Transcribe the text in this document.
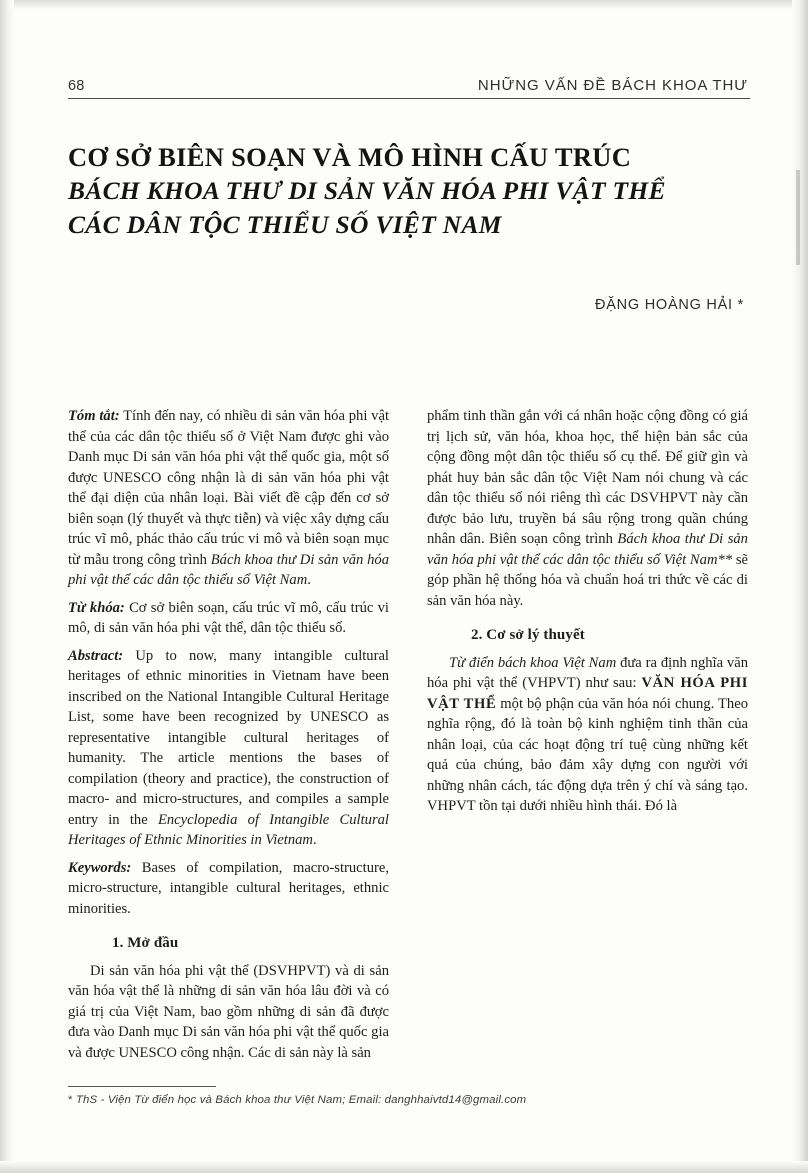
68	NHỮNG VẤN ĐỀ BÁCH KHOA THƯ
CƠ SỞ BIÊN SOẠN VÀ MÔ HÌNH CẤU TRÚC
BÁCH KHOA THƯ DI SẢN VĂN HÓA PHI VẬT THỂ
CÁC DÂN TỘC THIỂU SỐ VIỆT NAM
ĐẶNG HOÀNG HẢI *

Tóm tắt: Tính đến nay, có nhiều di sản văn hóa phi vật thể của các dân tộc thiểu số ở Việt Nam được ghi vào Danh mục Di sản văn hóa phi vật thể quốc gia, một số được UNESCO công nhận là di sản văn hóa phi vật thể đại diện của nhân loại. Bài viết đề cập đến cơ sở biên soạn (lý thuyết và thực tiễn) và việc xây dựng cấu trúc vĩ mô, phác thảo cấu trúc vi mô và biên soạn mục từ mẫu trong công trình Bách khoa thư Di sản văn hóa phi vật thể các dân tộc thiểu số Việt Nam.

Từ khóa: Cơ sở biên soạn, cấu trúc vĩ mô, cấu trúc vi mô, di sản văn hóa phi vật thể, dân tộc thiểu số.

Abstract: Up to now, many intangible cultural heritages of ethnic minorities in Vietnam have been inscribed on the National Intangible Cultural Heritage List, some have been recognized by UNESCO as representative intangible cultural heritages of humanity. The article mentions the bases of compilation (theory and practice), the construction of macro- and micro-structures, and compiles a sample entry in the Encyclopedia of Intangible Cultural Heritages of Ethnic Minorities in Vietnam.

Keywords: Bases of compilation, macro-structure, micro-structure, intangible cultural heritages, ethnic minorities.

1. Mở đầu

Di sản văn hóa phi vật thể (DSVHPVT) và di sản văn hóa vật thể là những di sản văn hóa lâu đời và có giá trị của Việt Nam, bao gồm những di sản đã được đưa vào Danh mục Di sản văn hóa phi vật thể quốc gia và được UNESCO công nhận. Các di sản này là sản

phẩm tinh thần gắn với cá nhân hoặc cộng đồng có giá trị lịch sử, văn hóa, khoa học, thể hiện bản sắc của cộng đồng một dân tộc thiểu số cụ thể. Để giữ gìn và phát huy bản sắc dân tộc Việt Nam nói chung và các dân tộc thiểu số nói riêng thì các DSVHPVT này cần được bảo lưu, truyền bá sâu rộng trong quần chúng nhân dân. Biên soạn công trình Bách khoa thư Di sản văn hóa phi vật thể các dân tộc thiểu số Việt Nam** sẽ góp phần hệ thống hóa và chuẩn hoá tri thức về các di sản văn hóa này.

2. Cơ sở lý thuyết

Từ điển bách khoa Việt Nam đưa ra định nghĩa văn hóa phi vật thể (VHPVT) như sau: VĂN HÓA PHI VẬT THỂ một bộ phận của văn hóa nói chung. Theo nghĩa rộng, đó là toàn bộ kinh nghiệm tinh thần của nhân loại, của các hoạt động trí tuệ cùng những kết quả của chúng, bảo đảm xây dựng con người với những nhân cách, tác động dựa trên ý chí và sáng tạo. VHPVT tồn tại dưới nhiều hình thái. Đó là

* ThS - Viện Từ điển học và Bách khoa thư Việt Nam; Email: danghhaivtd14@gmail.com
